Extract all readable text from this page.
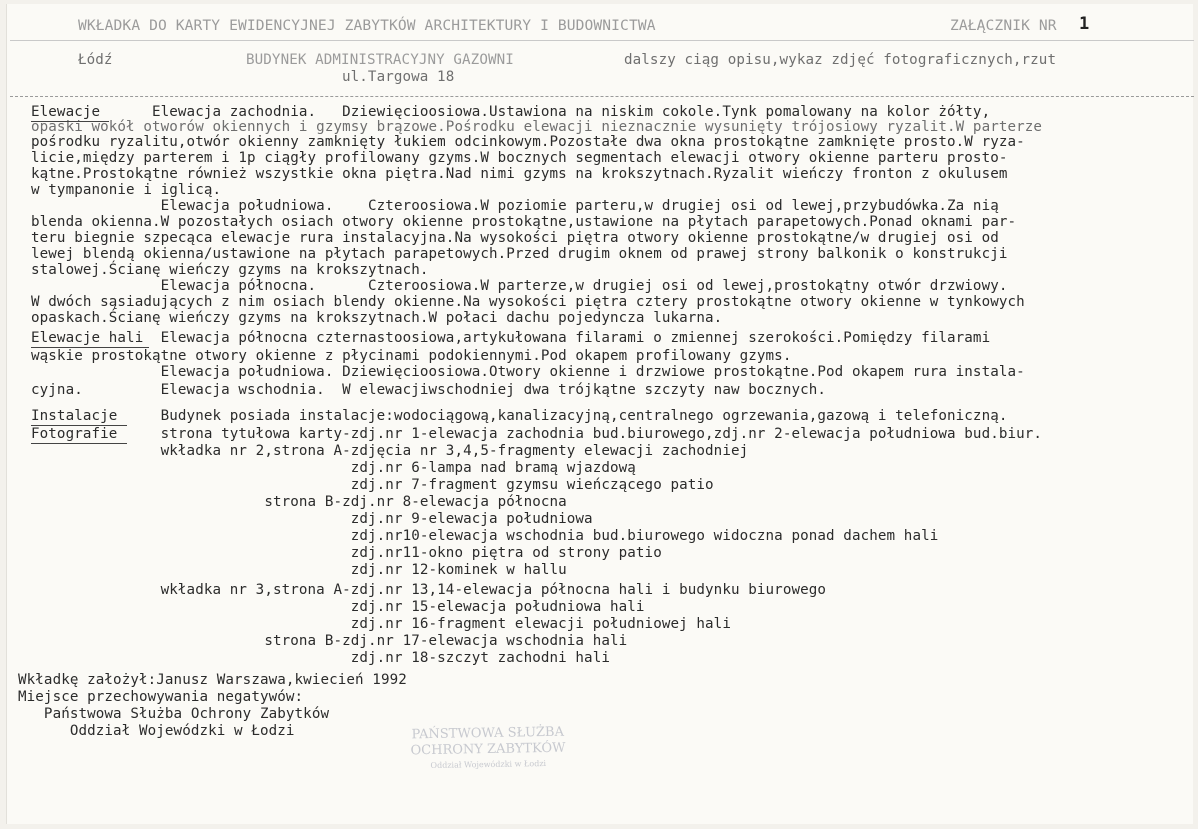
WKŁADKA DO KARTY EWIDENCYJNEJ ZABYTKÓW ARCHITEKTURY I BUDOWNICTWA	ZAŁĄCZNIK NR 1
Łódź	BUDYNEK ADMINISTRACYJNY GAZOWNI
ul.Targowa 18
dalszy ciąg opisu,wykaz zdjęć fotograficznych,rzut
Elewacje      Elewacja zachodnia.   Dziewięcioosiowa.Ustawiona na niskim cokole.Tynk pomalowany na kolor żółty,
opaski wokół otworów okiennych i gzymsy brązowe.Pośrodku elewacji nieznacznie wysunięty trójosiowy ryzalit.W parterze
pośrodku ryzalitu,otwór okienny zamknięty łukiem odcinkowym.Pozostałe dwa okna prostokątne zamknięte prosto.W ryza-
licie,między parterem i 1p ciągły profilowany gzyms.W bocznych segmentach elewacji otwory okienne parteru prosto-
kątne.Prostokątne również wszystkie okna piętra.Nad nimi gzyms na krokszytnach.Ryzalit wieńczy fronton z okulusem
w tympanonie i iglicą.
Elewacja południowa.    Czteroosiowa.W poziomie parteru,w drugiej osi od lewej,przybudówka.Za nią
blenda okienna.W pozostałych osiach otwory okienne prostokątne,ustawione na płytach parapetowych.Ponad oknami par-
teru biegnie szpecąca elewacje rura instalacyjna.Na wysokości piętra otwory okienne prostokątne/w drugiej osi od
lewej blendą okienna/ustawione na płytach parapetowych.Przed drugim oknem od prawej strony balkonik o konstrukcji
stalowej.Ścianę wieńczy gzyms na krokszytnach.
Elewacja północna.      Czteroosiowa.W parterze,w drugiej osi od lewej,prostokątny otwór drzwiowy.
W dwóch sąsiadujących z nim osiach blendy okienne.Na wysokości piętra cztery prostokątne otwory okienne w tynkowych
opaskach.Ścianę wieńczy gzyms na krokszytnach.W połaci dachu pojedyncza lukarna.
Elewacje hali  Elewacja północna czternastoosiowa,artykułowana filarami o zmiennej szerokości.Pomiędzy filarami
wąskie prostokątne otwory okienne z płycinami podokiennymi.Pod okapem profilowany gzyms.
Elewacja południowa. Dziewięcioosiowa.Otwory okienne i drzwiowe prostokątne.Pod okapem rura instala-
cyjna.         Elewacja wschodnia.  W elewacjiwschodniej dwa trójkątne szczyty naw bocznych.
Instalacje     Budynek posiada instalacje:wodociągową,kanalizacyjną,centralnego ogrzewania,gazową i telefoniczną.
Fotografie     strona tytułowa karty-zdj.nr 1-elewacja zachodnia bud.biurowego,zdj.nr 2-elewacja południowa bud.biur.
wkładka nr 2,strona A-zdjęcia nr 3,4,5-fragmenty elewacji zachodniej
zdj.nr 6-lampa nad bramą wjazdową
zdj.nr 7-fragment gzymsu wieńczącego patio
strona B-zdj.nr 8-elewacja północna
zdj.nr 9-elewacja południowa
zdj.nr10-elewacja wschodnia bud.biurowego widoczna ponad dachem hali
zdj.nr11-okno piętra od strony patio
zdj.nr 12-kominek w hallu
wkładka nr 3,strona A-zdj.nr 13,14-elewacja północna hali i budynku biurowego
zdj.nr 15-elewacja południowa hali
zdj.nr 16-fragment elewacji południowej hali
strona B-zdj.nr 17-elewacja wschodnia hali
zdj.nr 18-szczyt zachodni hali
Wkładkę założył:Janusz Warszawa,kwiecień 1992
Miejsce przechowywania negatywów:
Państwowa Służba Ochrony Zabytków
Oddział Wojewódzki w Łodzi	PAŃSTWOWA SŁUŻBA
OCHRONY ZABYTKÓW
Oddział Wojewódzki w Łodzi
